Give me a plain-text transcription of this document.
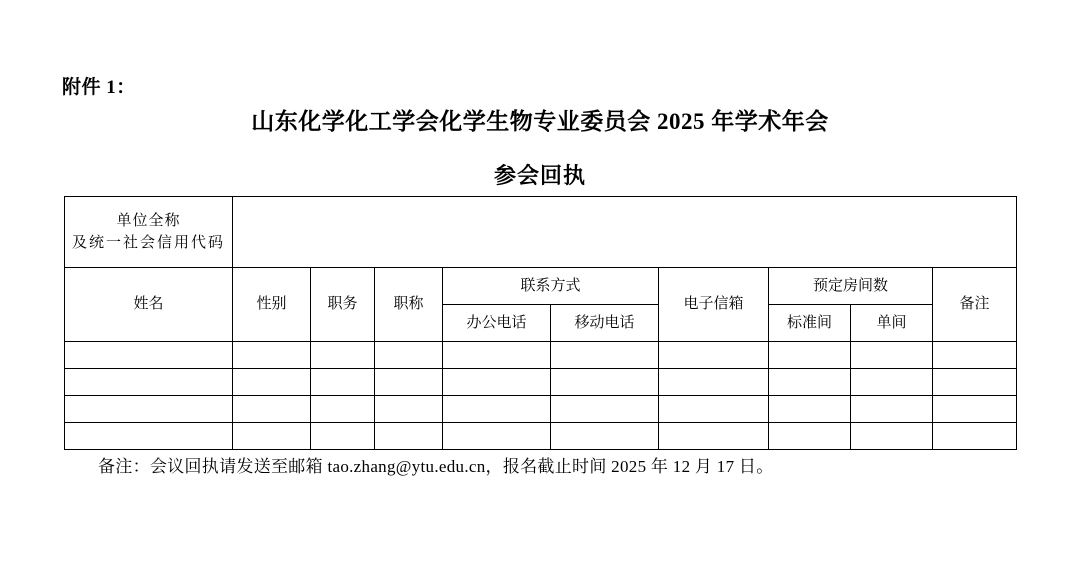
附件 1：
山东化学化工学会化学生物专业委员会 2025 年学术年会
参会回执
单位全称
及统一社会信用代码									

姓名	性别	职务	职称	联系方式		电子信箱	预定房间数		备注
				办公电话	移动电话		标准间	单间	

备注：会议回执请发送至邮箱 tao.zhang@ytu.edu.cn，报名截止时间 2025 年 12 月 17 日。
